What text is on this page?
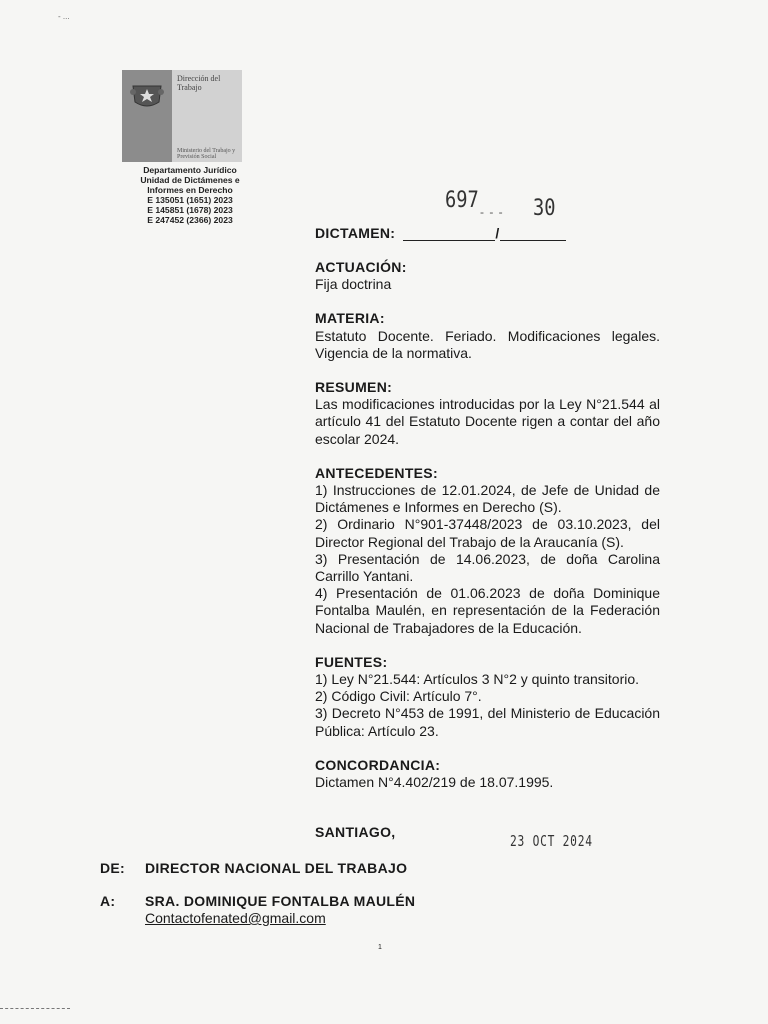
- ...
Dirección del
Trabajo
Ministerio del Trabajo y Previsión Social
Departamento Jurídico
Unidad de Dictámenes e
Informes en Derecho
E 135051 (1651) 2023
E 145851 (1678) 2023
E 247452 (2366) 2023
697 - - - 30
DICTAMEN:	/
ACTUACIÓN:

Fija doctrina

MATERIA:

Estatuto Docente. Feriado. Modificaciones legales. Vigencia de la normativa.

RESUMEN:

Las modificaciones introducidas por la Ley N°21.544 al artículo 41 del Estatuto Docente rigen a contar del año escolar 2024.

ANTECEDENTES:
1) Instrucciones de 12.01.2024, de Jefe de Unidad de Dictámenes e Informes en Derecho (S).
2) Ordinario N°901-37448/2023 de 03.10.2023, del Director Regional del Trabajo de la Araucanía (S).
3) Presentación de 14.06.2023, de doña Carolina Carrillo Yantani.
4) Presentación de 01.06.2023 de doña Dominique Fontalba Maulén, en representación de la Federación Nacional de Trabajadores de la Educación.
FUENTES:
1) Ley N°21.544: Artículos 3 N°2 y quinto transitorio.
2) Código Civil: Artículo 7°.
3) Decreto N°453 de 1991, del Ministerio de Educación Pública: Artículo 23.
CONCORDANCIA:

Dictamen N°4.402/219 de 18.07.1995.

SANTIAGO,	23 OCT 2024
DE: DIRECTOR NACIONAL DEL TRABAJO
A: SRA. DOMINIQUE FONTALBA MAULÉN
Contactofenated@gmail.com
1
